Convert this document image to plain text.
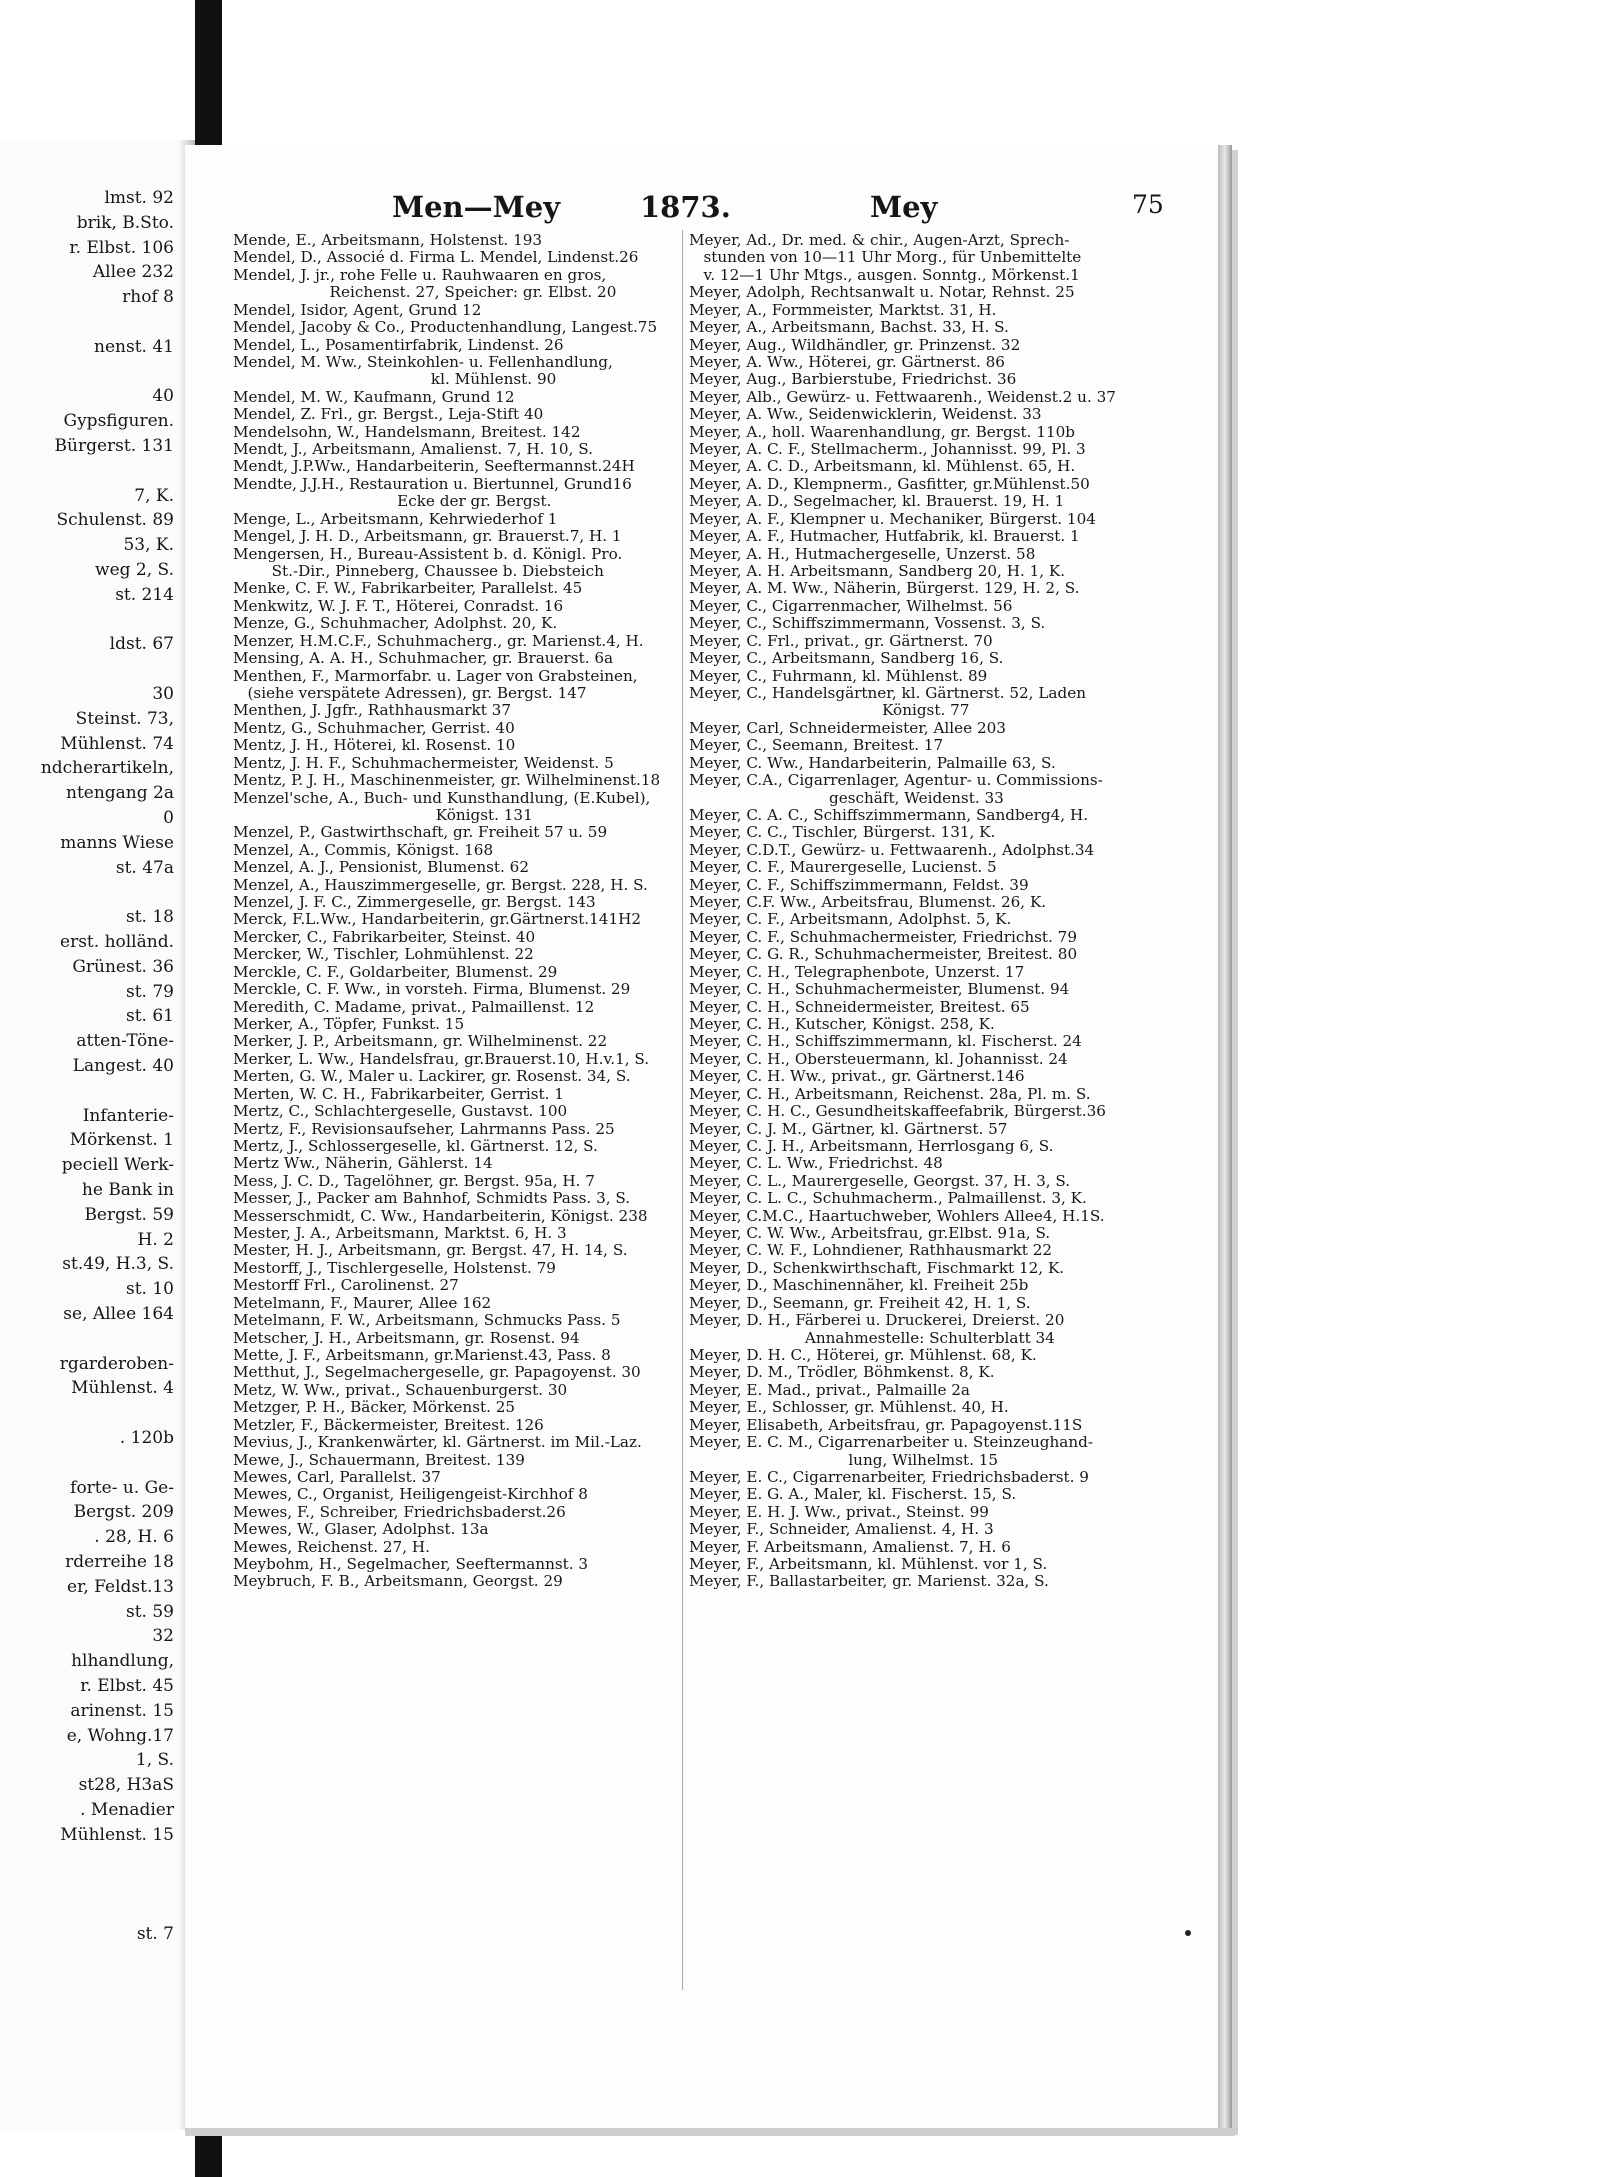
lmst. 92
brik, B.Sto.
r. Elbst. 106
Allee 232
rhof 8
nenst. 41
40
Gypsfiguren.
Bürgerst. 131
7, K.
Schulenst. 89
53, K.
weg 2, S.
st. 214
ldst. 67
30
Steinst. 73,
Mühlenst. 74
ndcherartikeln,
ntengang 2a
0
manns Wiese
st. 47a
st. 18
erst. holländ.
Grünest. 36
st. 79
st. 61
atten-Töne-
Langest. 40
Infanterie-
Mörkenst. 1
peciell Werk-
he Bank in
Bergst. 59
H. 2
st.49, H.3, S.
st. 10
se, Allee 164
rgarderoben-
Mühlenst. 4
. 120b
forte- u. Ge-
Bergst. 209
. 28, H. 6
rderreihe 18
er, Feldst.13
st. 59
32
hlhandlung,
r. Elbst. 45
arinenst. 15
e, Wohng.17
1, S.
st28, H3aS
. Menadier
Mühlenst. 15
st. 7
Men—Mey	1873.	Mey	75
Mende, E., Arbeitsmann, Holstenst. 193
Mendel, D., Associé d. Firma L. Mendel, Lindenst.26
Mendel, J. jr., rohe Felle u. Rauhwaaren en gros,
Reichenst. 27, Speicher: gr. Elbst. 20
Mendel, Isidor, Agent, Grund 12
Mendel, Jacoby & Co., Productenhandlung, Langest.75
Mendel, L., Posamentirfabrik, Lindenst. 26
Mendel, M. Ww., Steinkohlen- u. Fellenhandlung,
kl. Mühlenst. 90
Mendel, M. W., Kaufmann, Grund 12
Mendel, Z. Frl., gr. Bergst., Leja-Stift 40
Mendelsohn, W., Handelsmann, Breitest. 142
Mendt, J., Arbeitsmann, Amalienst. 7, H. 10, S.
Mendt, J.P.Ww., Handarbeiterin, Seeftermannst.24H
Mendte, J.J.H., Restauration u. Biertunnel, Grund16
Ecke der gr. Bergst.
Menge, L., Arbeitsmann, Kehrwiederhof 1
Mengel, J. H. D., Arbeitsmann, gr. Brauerst.7, H. 1
Mengersen, H., Bureau-Assistent b. d. Königl. Pro.
St.-Dir., Pinneberg, Chaussee b. Diebsteich
Menke, C. F. W., Fabrikarbeiter, Parallelst. 45
Menkwitz, W. J. F. T., Höterei, Conradst. 16
Menze, G., Schuhmacher, Adolphst. 20, K.
Menzer, H.M.C.F., Schuhmacherg., gr. Marienst.4, H.
Mensing, A. A. H., Schuhmacher, gr. Brauerst. 6a
Menthen, F., Marmorfabr. u. Lager von Grabsteinen,
(siehe verspätete Adressen), gr. Bergst. 147
Menthen, J. Jgfr., Rathhausmarkt 37
Mentz, G., Schuhmacher, Gerrist. 40
Mentz, J. H., Höterei, kl. Rosenst. 10
Mentz, J. H. F., Schuhmachermeister, Weidenst. 5
Mentz, P. J. H., Maschinenmeister, gr. Wilhelminenst.18
Menzel'sche, A., Buch- und Kunsthandlung, (E.Kubel),
Königst. 131
Menzel, P., Gastwirthschaft, gr. Freiheit 57 u. 59
Menzel, A., Commis, Königst. 168
Menzel, A. J., Pensionist, Blumenst. 62
Menzel, A., Hauszimmergeselle, gr. Bergst. 228, H. S.
Menzel, J. F. C., Zimmergeselle, gr. Bergst. 143
Merck, F.L.Ww., Handarbeiterin, gr.Gärtnerst.141H2
Mercker, C., Fabrikarbeiter, Steinst. 40
Mercker, W., Tischler, Lohmühlenst. 22
Merckle, C. F., Goldarbeiter, Blumenst. 29
Merckle, C. F. Ww., in vorsteh. Firma, Blumenst. 29
Meredith, C. Madame, privat., Palmaillenst. 12
Merker, A., Töpfer, Funkst. 15
Merker, J. P., Arbeitsmann, gr. Wilhelminenst. 22
Merker, L. Ww., Handelsfrau, gr.Brauerst.10, H.v.1, S.
Merten, G. W., Maler u. Lackirer, gr. Rosenst. 34, S.
Merten, W. C. H., Fabrikarbeiter, Gerrist. 1
Mertz, C., Schlachtergeselle, Gustavst. 100
Mertz, F., Revisionsaufseher, Lahrmanns Pass. 25
Mertz, J., Schlossergeselle, kl. Gärtnerst. 12, S.
Mertz Ww., Näherin, Gählerst. 14
Mess, J. C. D., Tagelöhner, gr. Bergst. 95a, H. 7
Messer, J., Packer am Bahnhof, Schmidts Pass. 3, S.
Messerschmidt, C. Ww., Handarbeiterin, Königst. 238
Mester, J. A., Arbeitsmann, Marktst. 6, H. 3
Mester, H. J., Arbeitsmann, gr. Bergst. 47, H. 14, S.
Mestorff, J., Tischlergeselle, Holstenst. 79
Mestorff Frl., Carolinenst. 27
Metelmann, F., Maurer, Allee 162
Metelmann, F. W., Arbeitsmann, Schmucks Pass. 5
Metscher, J. H., Arbeitsmann, gr. Rosenst. 94
Mette, J. F., Arbeitsmann, gr.Marienst.43, Pass. 8
Metthut, J., Segelmachergeselle, gr. Papagoyenst. 30
Metz, W. Ww., privat., Schauenburgerst. 30
Metzger, P. H., Bäcker, Mörkenst. 25
Metzler, F., Bäckermeister, Breitest. 126
Mevius, J., Krankenwärter, kl. Gärtnerst. im Mil.-Laz.
Mewe, J., Schauermann, Breitest. 139
Mewes, Carl, Parallelst. 37
Mewes, C., Organist, Heiligengeist-Kirchhof 8
Mewes, F., Schreiber, Friedrichsbaderst.26
Mewes, W., Glaser, Adolphst. 13a
Mewes, Reichenst. 27, H.
Meybohm, H., Segelmacher, Seeftermannst. 3
Meybruch, F. B., Arbeitsmann, Georgst. 29
Meyer, Ad., Dr. med. & chir., Augen-Arzt, Sprech-
stunden von 10—11 Uhr Morg., für Unbemittelte
v. 12—1 Uhr Mtgs., ausgen. Sonntg., Mörkenst.1
Meyer, Adolph, Rechtsanwalt u. Notar, Rehnst. 25
Meyer, A., Formmeister, Marktst. 31, H.
Meyer, A., Arbeitsmann, Bachst. 33, H. S.
Meyer, Aug., Wildhändler, gr. Prinzenst. 32
Meyer, A. Ww., Höterei, gr. Gärtnerst. 86
Meyer, Aug., Barbierstube, Friedrichst. 36
Meyer, Alb., Gewürz- u. Fettwaarenh., Weidenst.2 u. 37
Meyer, A. Ww., Seidenwicklerin, Weidenst. 33
Meyer, A., holl. Waarenhandlung, gr. Bergst. 110b
Meyer, A. C. F., Stellmacherm., Johannisst. 99, Pl. 3
Meyer, A. C. D., Arbeitsmann, kl. Mühlenst. 65, H.
Meyer, A. D., Klempnerm., Gasfitter, gr.Mühlenst.50
Meyer, A. D., Segelmacher, kl. Brauerst. 19, H. 1
Meyer, A. F., Klempner u. Mechaniker, Bürgerst. 104
Meyer, A. F., Hutmacher, Hutfabrik, kl. Brauerst. 1
Meyer, A. H., Hutmachergeselle, Unzerst. 58
Meyer, A. H. Arbeitsmann, Sandberg 20, H. 1, K.
Meyer, A. M. Ww., Näherin, Bürgerst. 129, H. 2, S.
Meyer, C., Cigarrenmacher, Wilhelmst. 56
Meyer, C., Schiffszimmermann, Vossenst. 3, S.
Meyer, C. Frl., privat., gr. Gärtnerst. 70
Meyer, C., Arbeitsmann, Sandberg 16, S.
Meyer, C., Fuhrmann, kl. Mühlenst. 89
Meyer, C., Handelsgärtner, kl. Gärtnerst. 52, Laden
Königst. 77
Meyer, Carl, Schneidermeister, Allee 203
Meyer, C., Seemann, Breitest. 17
Meyer, C. Ww., Handarbeiterin, Palmaille 63, S.
Meyer, C.A., Cigarrenlager, Agentur- u. Commissions-
geschäft, Weidenst. 33
Meyer, C. A. C., Schiffszimmermann, Sandberg4, H.
Meyer, C. C., Tischler, Bürgerst. 131, K.
Meyer, C.D.T., Gewürz- u. Fettwaarenh., Adolphst.34
Meyer, C. F., Maurergeselle, Lucienst. 5
Meyer, C. F., Schiffszimmermann, Feldst. 39
Meyer, C.F. Ww., Arbeitsfrau, Blumenst. 26, K.
Meyer, C. F., Arbeitsmann, Adolphst. 5, K.
Meyer, C. F., Schuhmachermeister, Friedrichst. 79
Meyer, C. G. R., Schuhmachermeister, Breitest. 80
Meyer, C. H., Telegraphenbote, Unzerst. 17
Meyer, C. H., Schuhmachermeister, Blumenst. 94
Meyer, C. H., Schneidermeister, Breitest. 65
Meyer, C. H., Kutscher, Königst. 258, K.
Meyer, C. H., Schiffszimmermann, kl. Fischerst. 24
Meyer, C. H., Obersteuermann, kl. Johannisst. 24
Meyer, C. H. Ww., privat., gr. Gärtnerst.146
Meyer, C. H., Arbeitsmann, Reichenst. 28a, Pl. m. S.
Meyer, C. H. C., Gesundheitskaffeefabrik, Bürgerst.36
Meyer, C. J. M., Gärtner, kl. Gärtnerst. 57
Meyer, C. J. H., Arbeitsmann, Herrlosgang 6, S.
Meyer, C. L. Ww., Friedrichst. 48
Meyer, C. L., Maurergeselle, Georgst. 37, H. 3, S.
Meyer, C. L. C., Schuhmacherm., Palmaillenst. 3, K.
Meyer, C.M.C., Haartuchweber, Wohlers Allee4, H.1S.
Meyer, C. W. Ww., Arbeitsfrau, gr.Elbst. 91a, S.
Meyer, C. W. F., Lohndiener, Rathhausmarkt 22
Meyer, D., Schenkwirthschaft, Fischmarkt 12, K.
Meyer, D., Maschinennäher, kl. Freiheit 25b
Meyer, D., Seemann, gr. Freiheit 42, H. 1, S.
Meyer, D. H., Färberei u. Druckerei, Dreierst. 20
Annahmestelle: Schulterblatt 34
Meyer, D. H. C., Höterei, gr. Mühlenst. 68, K.
Meyer, D. M., Trödler, Böhmkenst. 8, K.
Meyer, E. Mad., privat., Palmaille 2a
Meyer, E., Schlosser, gr. Mühlenst. 40, H.
Meyer, Elisabeth, Arbeitsfrau, gr. Papagoyenst.11S
Meyer, E. C. M., Cigarrenarbeiter u. Steinzeughand-
lung, Wilhelmst. 15
Meyer, E. C., Cigarrenarbeiter, Friedrichsbaderst. 9
Meyer, E. G. A., Maler, kl. Fischerst. 15, S.
Meyer, E. H. J. Ww., privat., Steinst. 99
Meyer, F., Schneider, Amalienst. 4, H. 3
Meyer, F. Arbeitsmann, Amalienst. 7, H. 6
Meyer, F., Arbeitsmann, kl. Mühlenst. vor 1, S.
Meyer, F., Ballastarbeiter, gr. Marienst. 32a, S.
